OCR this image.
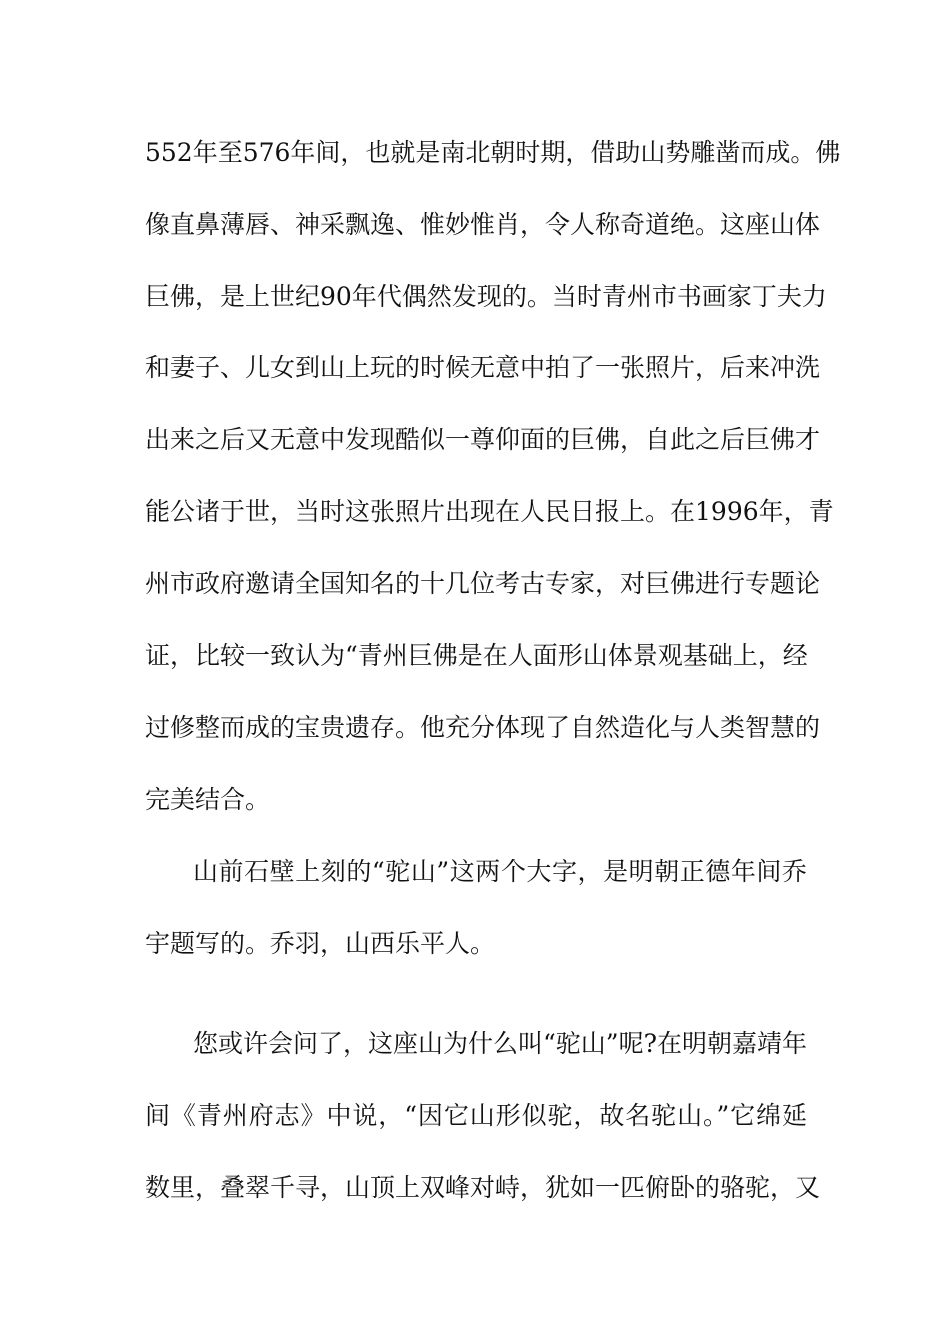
552年至576年间，也就是南北朝时期，借助山势雕凿而成。佛
像直鼻薄唇、神采飘逸、惟妙惟肖，令人称奇道绝。这座山体
巨佛，是上世纪90年代偶然发现的。当时青州市书画家丁夫力
和妻子、儿女到山上玩的时候无意中拍了一张照片，后来冲洗
出来之后又无意中发现酷似一尊仰面的巨佛，自此之后巨佛才
能公诸于世，当时这张照片出现在人民日报上。在1996年，青
州市政府邀请全国知名的十几位考古专家，对巨佛进行专题论
证，比较一致认为“青州巨佛是在人面形山体景观基础上，经
过修整而成的宝贵遗存。他充分体现了自然造化与人类智慧的
完美结合。
山前石壁上刻的“驼山”这两个大字，是明朝正德年间乔
宇题写的。乔羽，山西乐平人。
您或许会问了，这座山为什么叫“驼山”呢?在明朝嘉靖年
间《青州府志》中说，“因它山形似驼，故名驼山。”它绵延
数里，叠翠千寻，山顶上双峰对峙，犹如一匹俯卧的骆驼，又
